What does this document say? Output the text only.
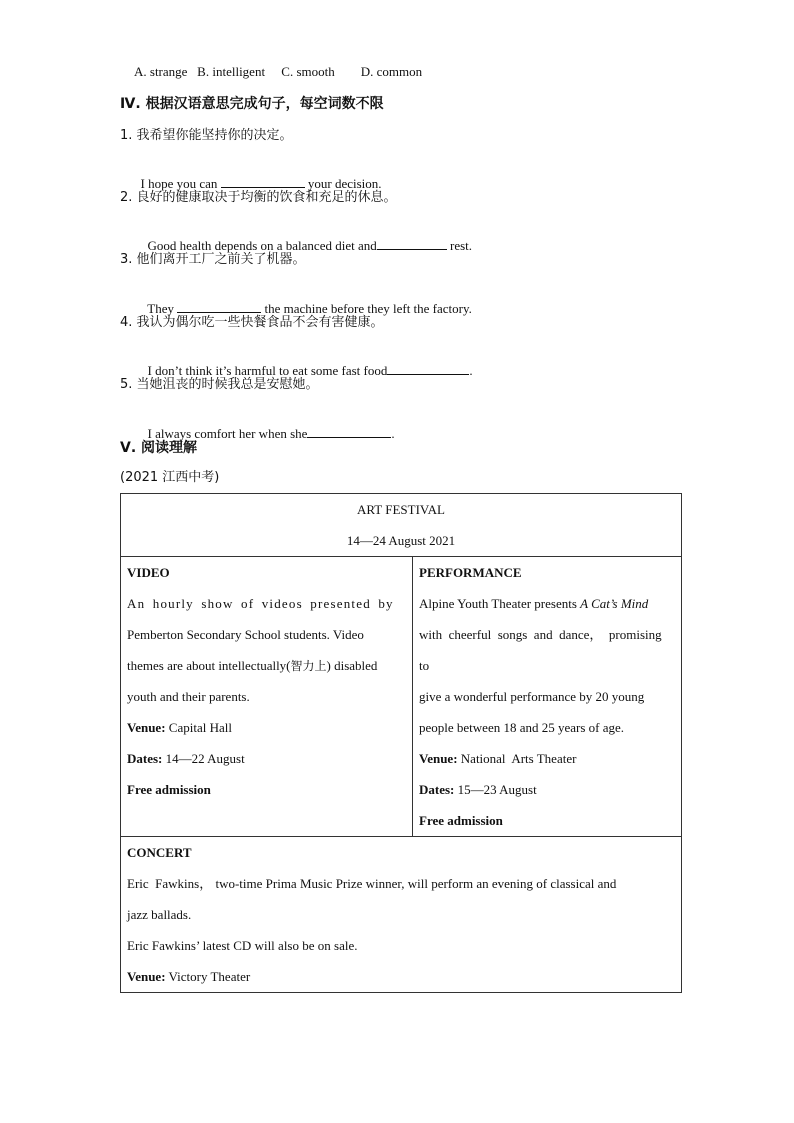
A. strange   B. intelligent     C. smooth        D. common
Ⅳ. 根据汉语意思完成句子，每空词数不限
1. 我希望你能坚持你的决定。

I hope you can	your decision.

2. 良好的健康取决于均衡的饮食和充足的休息。

Good health depends on a balanced diet and	rest.

3. 他们离开工厂之前关了机器。

They	the machine before they left the factory.

4. 我认为偶尔吃一些快餐食品不会有害健康。

I don’t think it’s harmful to eat some fast food	.

5. 当她沮丧的时候我总是安慰她。

I always comfort her when she	.

Ⅴ. 阅读理解
(2021 江西中考)
ART FESTIVAL
14—24 August 2021

VIDEO
An hourly show of videos presented by
Pemberton Secondary School students. Video
themes are about intellectually(智力上) disabled
youth and their parents.
Venue: Capital Hall
Dates: 14—22 August
Free admission

PERFORMANCE
Alpine Youth Theater presents A Cat’s Mind
with  cheerful  songs  and  dance，  promising
to
give a wonderful performance by 20 young
people between 18 and 25 years of age.
Venue: National  Arts Theater
Dates: 15—23 August
Free admission

CONCERT
Eric  Fawkins， two-time Prima Music Prize winner, will perform an evening of classical and
jazz ballads.
Eric Fawkins’ latest CD will also be on sale.
Venue: Victory Theater
